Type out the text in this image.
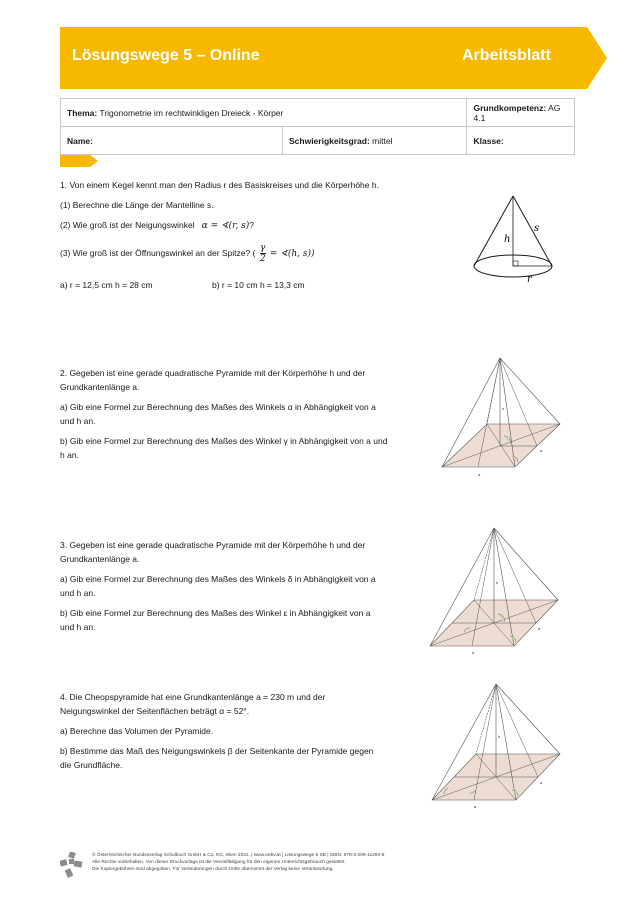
Lösungswege 5 – Online	Arbeitsblatt
Thema: Trigonometrie im rechtwinkligen Dreieck - Körper		Grundkompetenz: AG 4.1
Name:	Schwierigkeitsgrad: mittel	Klasse:

1. Von einem Kegel kennt man den Radius r des Basiskreises und die Körperhöhe h.

(1) Berechne die Länge der Mantelline s.

(2) Wie groß ist der Neigungswinkel α = ∢(r, s)?

(3) Wie groß ist der Öffnungswinkel an der Spitze? ( $\frac{\gamma}{2}$ = ∢(h, s))

a) r = 12,5 cm h = 28 cm	b) r = 10 cm h = 13,3 cm
h
s
r

2. Gegeben ist eine gerade quadratische Pyramide mit der Körperhöhe h und der

Grundkantenlänge a.

a) Gib eine Formel zur Berechnung des Maßes des Winkels α in Abhängigkeit von a

und h an.

b) Gib eine Formel zur Berechnung des Maßes des Winkel γ in Abhängigkeit von a und

h an.

h
a
a

3. Gegeben ist eine gerade quadratische Pyramide mit der Körperhöhe h und der

Grundkantenlänge a.

a) Gib eine Formel zur Berechnung des Maßes des Winkels δ in Abhängigkeit von a

und h an.

b) Gib eine Formel zur Berechnung des Maßes des Winkel ε in Abhängigkeit von a

und h an.

h
a
a

4. Die Cheopspyramide hat eine Grundkantenlänge a = 230 m und der

Neigungswinkel der Seitenflächen beträgt α = 52°.

a) Berechne das Volumen der Pyramide.

b) Bestimme das Maß des Neigungswinkels β der Seitenkante der Pyramide gegen

die Grundfläche.

h
a
a
© Österreichischer Bundesverlag Schulbuch GmbH & Co. KG, Wien 2022. | www.oebv.at | Lösungswege 5 SB | ISBN: 978-3-209-11493-8
Alle Rechte vorbehalten. Von dieser Druckvorlage ist die Vervielfältigung für den eigenen Unterrichtsgebrauch gestattet.
Die Kopiergebühren sind abgegolten. Für Veränderungen durch Dritte übernimmt der Verlag keine Verantwortung.
